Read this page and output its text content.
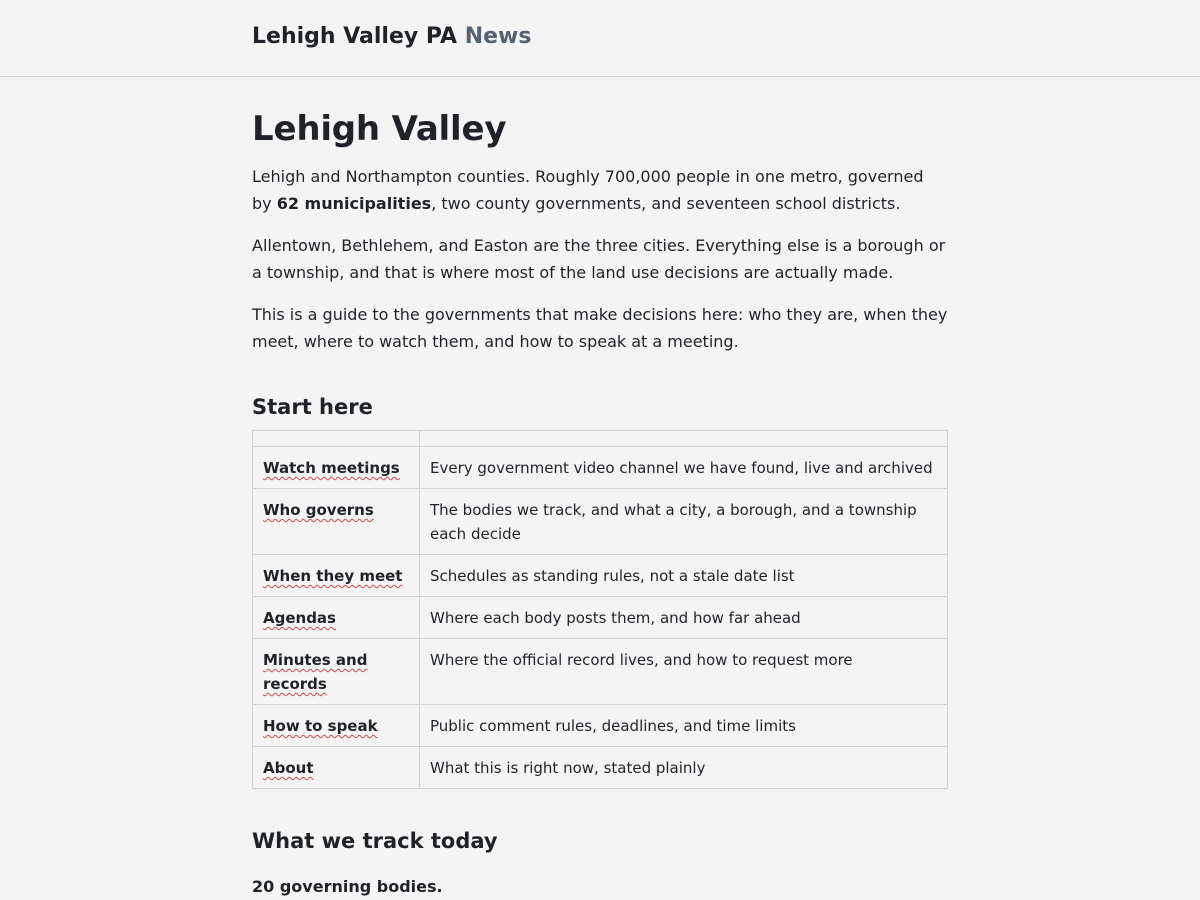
Lehigh Valley PA News
Lehigh Valley

Lehigh and Northampton counties. Roughly 700,000 people in one metro, governed by 62 municipalities, two county governments, and seventeen school districts.

Allentown, Bethlehem, and Easton are the three cities. Everything else is a borough or a township, and that is where most of the land use decisions are actually made.

This is a guide to the governments that make decisions here: who they are, when they meet, where to watch them, and how to speak at a meeting.

Start here

Watch meetings	Every government video channel we have found, live and archived
Who governs	The bodies we track, and what a city, a borough, and a township each decide
When they meet	Schedules as standing rules, not a stale date list
Agendas	Where each body posts them, and how far ahead
Minutes and records	Where the official record lives, and how to request more
How to speak	Public comment rules, deadlines, and time limits
About	What this is right now, stated plainly
What we track today

20 governing bodies.
